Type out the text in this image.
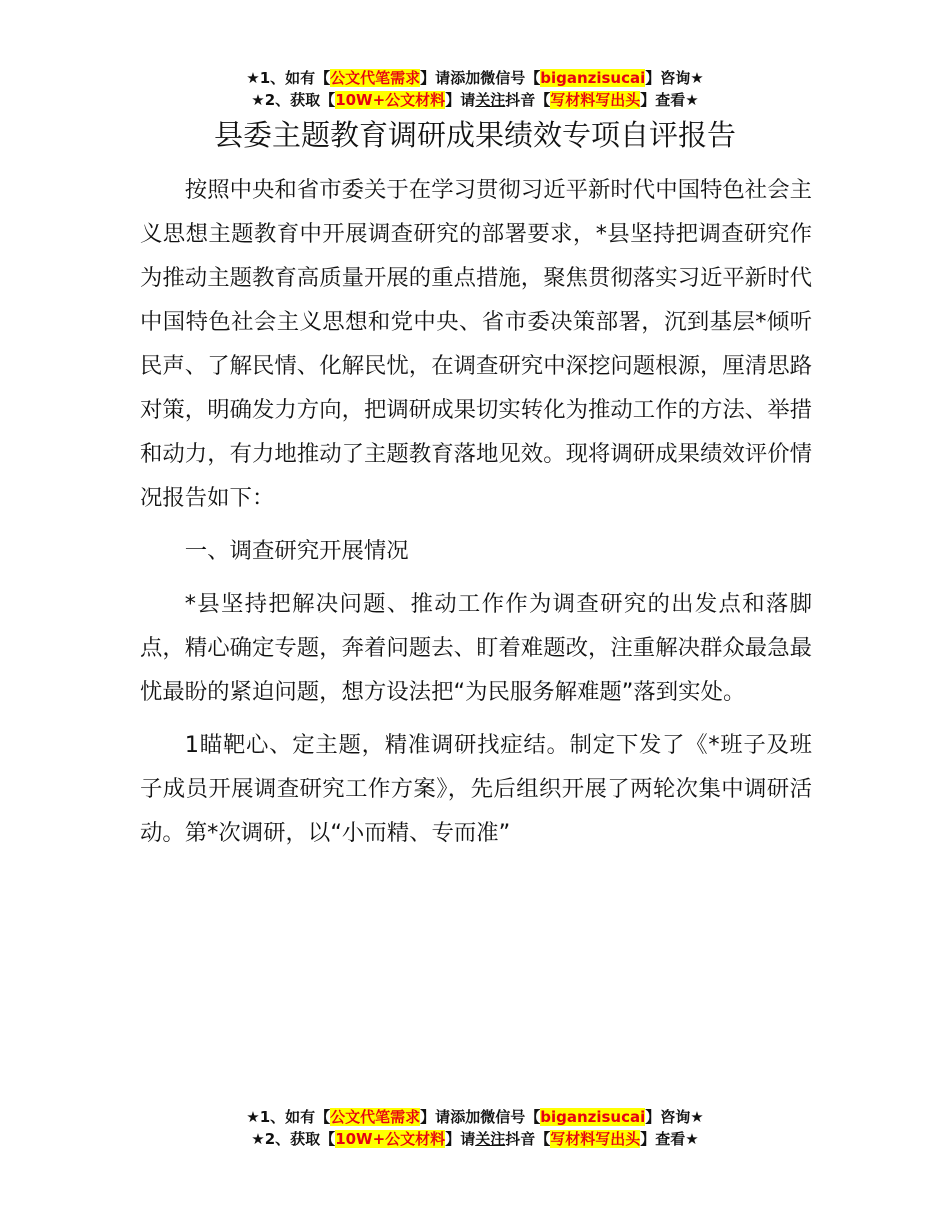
★1、如有【公文代笔需求】请添加微信号【biganzisucai】咨询★
★2、获取【10W+公文材料】请关注抖音【写材料写出头】查看★
县委主题教育调研成果绩效专项自评报告

按照中央和省市委关于在学习贯彻习近平新时代中国特色社会主义思想主题教育中开展调查研究的部署要求，*县坚持把调查研究作为推动主题教育高质量开展的重点措施，聚焦贯彻落实习近平新时代中国特色社会主义思想和党中央、省市委决策部署，沉到基层*倾听民声、了解民情、化解民忧，在调查研究中深挖问题根源，厘清思路对策，明确发力方向，把调研成果切实转化为推动工作的方法、举措和动力，有力地推动了主题教育落地见效。现将调研成果绩效评价情况报告如下：

一、调查研究开展情况

*县坚持把解决问题、推动工作作为调查研究的出发点和落脚点，精心确定专题，奔着问题去、盯着难题改，注重解决群众最急最忧最盼的紧迫问题，想方设法把“为民服务解难题”落到实处。

1瞄靶心、定主题，精准调研找症结。制定下发了《*班子及班子成员开展调查研究工作方案》，先后组织开展了两轮次集中调研活动。第*次调研，以“小而精、专而准”

★1、如有【公文代笔需求】请添加微信号【biganzisucai】咨询★
★2、获取【10W+公文材料】请关注抖音【写材料写出头】查看★
